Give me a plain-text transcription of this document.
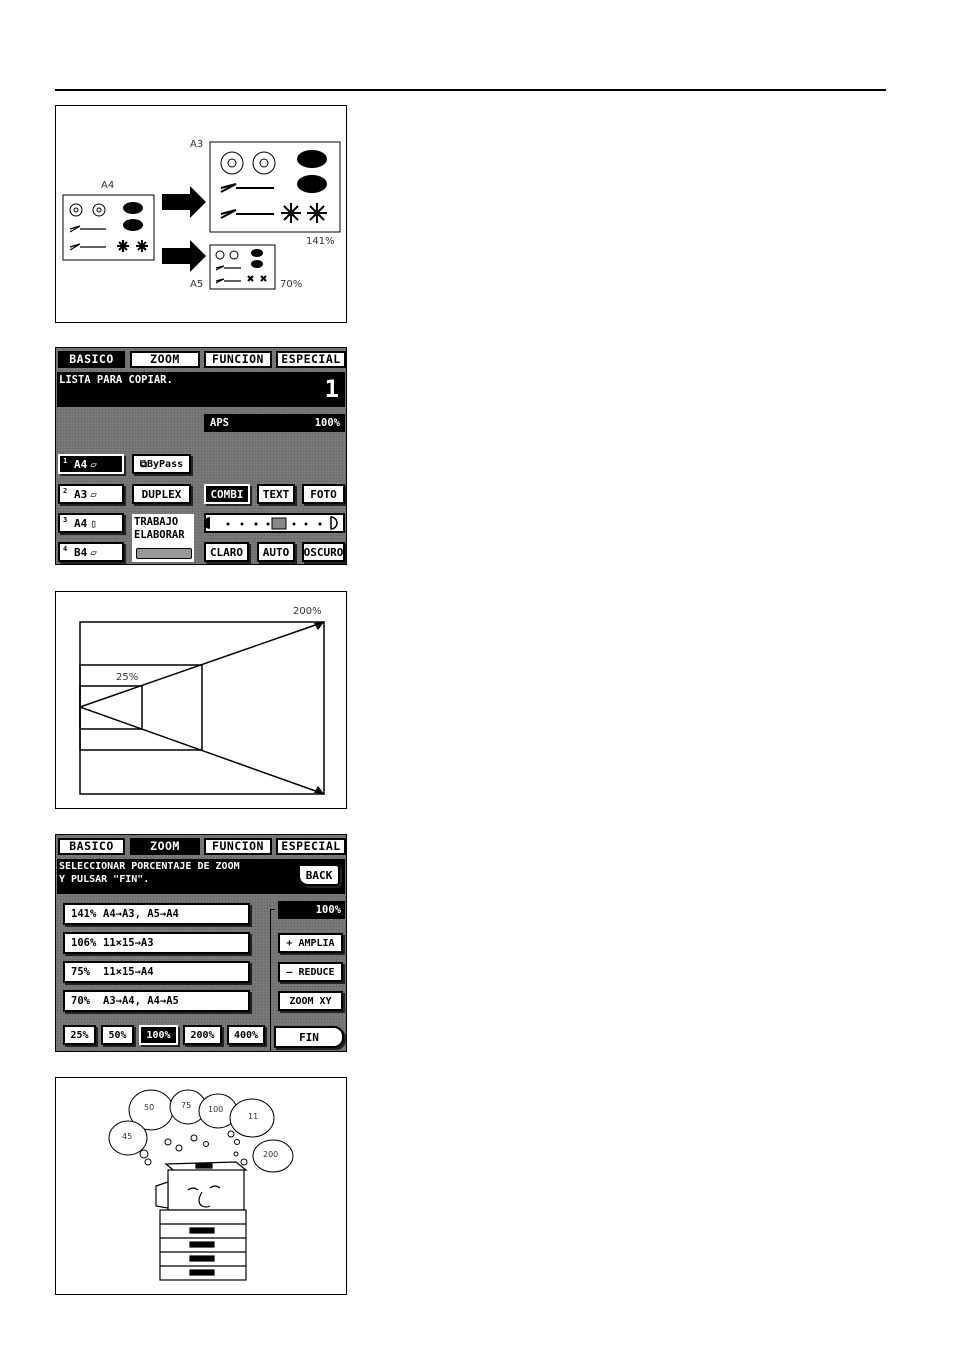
A4
A3
A5
141%
70%
BASICO	ZOOM	FUNCION	ESPECIAL
LISTA PARA COPIAR.	1
APS	100%
1 A4 ▱
2 A3 ▱
3 A4 ▯
4 B4 ▱
⧉ ByPass
DUPLEX
TRABAJO
ELABORAR
COMBI	TEXT	FOTO
CLARO	AUTO	OSCURO
200%
25%
BASICO	ZOOM	FUNCION	ESPECIAL
SELECCIONAR PORCENTAJE DE ZOOM
Y PULSAR "FIN".	BACK
100%
141% A4→A3, A5→A4
106% 11×15→A3
75%	11×15→A4
70%	A3→A4, A4→A5
25%	50%	100%	200%	400%
+ AMPLIA
— REDUCE
ZOOM XY
FIN
50	75 100
11
45
200
